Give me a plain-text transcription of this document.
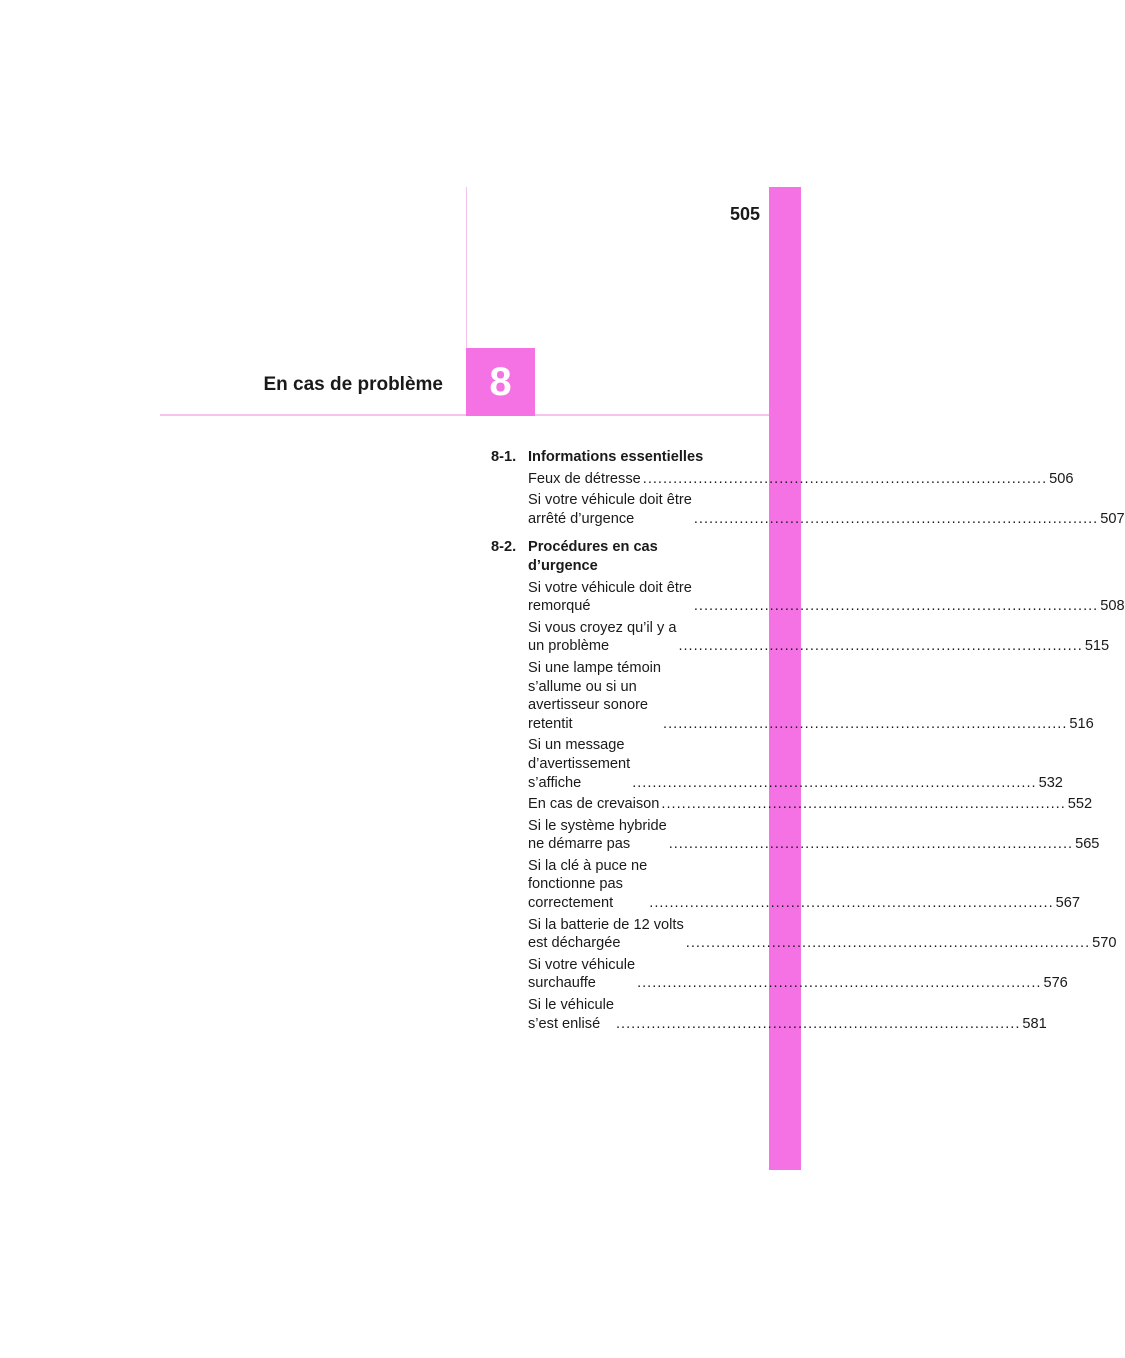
505
8
En cas de problème
8-1. Informations essentielles
Feux de détresse ................................................................................ 506
Si votre véhicule doit être
arrêté d’urgence	................................................................................ 507
8-2. Procédures en cas
d’urgence
Si votre véhicule doit être
remorqué	................................................................................ 508
Si vous croyez qu’il y a
un problème	................................................................................ 515
Si une lampe témoin
s’allume ou si un
avertisseur sonore
retentit	................................................................................ 516
Si un message
d’avertissement
s’affiche	................................................................................ 532
En cas de crevaison ................................................................................ 552
Si le système hybride
ne démarre pas	................................................................................ 565
Si la clé à puce ne
fonctionne pas
correctement	................................................................................ 567
Si la batterie de 12 volts
est déchargée	................................................................................ 570
Si votre véhicule
surchauffe	................................................................................ 576
Si le véhicule
s’est enlisé	................................................................................ 581
